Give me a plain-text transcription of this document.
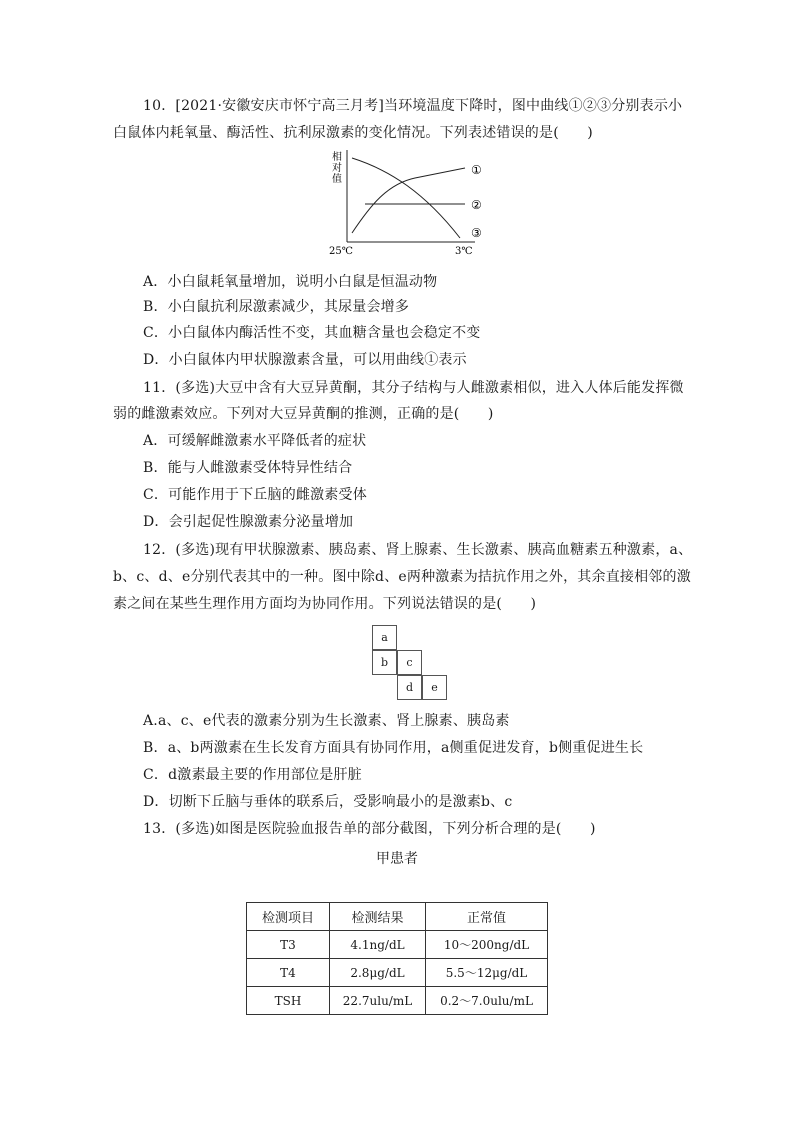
10．[2021·安徽安庆市怀宁高三月考]当环境温度下降时，图中曲线①②③分别表示小
白鼠体内耗氧量、酶活性、抗利尿激素的变化情况。下列表述错误的是(　　)
相
对
值
①
②
③
25℃	3℃
A．小白鼠耗氧量增加，说明小白鼠是恒温动物
B．小白鼠抗利尿激素减少，其尿量会增多
C．小白鼠体内酶活性不变，其血糖含量也会稳定不变
D．小白鼠体内甲状腺激素含量，可以用曲线①表示
11．(多选)大豆中含有大豆异黄酮，其分子结构与人雌激素相似，进入人体后能发挥微
弱的雌激素效应。下列对大豆异黄酮的推测，正确的是(　　)
A．可缓解雌激素水平降低者的症状
B．能与人雌激素受体特异性结合
C．可能作用于下丘脑的雌激素受体
D．会引起促性腺激素分泌量增加
12．(多选)现有甲状腺激素、胰岛素、肾上腺素、生长激素、胰高血糖素五种激素，a、
b、c、d、e分别代表其中的一种。图中除d、e两种激素为拮抗作用之外，其余直接相邻的激
素之间在某些生理作用方面均为协同作用。下列说法错误的是(　　)
a
b	c
d	e
A.a、c、e代表的激素分别为生长激素、肾上腺素、胰岛素
B．a、b两激素在生长发育方面具有协同作用，a侧重促进发育，b侧重促进生长
C．d激素最主要的作用部位是肝脏
D．切断下丘脑与垂体的联系后，受影响最小的是激素b、c
13．(多选)如图是医院验血报告单的部分截图，下列分析合理的是(　　)
甲患者
检测项目	检测结果	正常值
T3	4.1ng/dL	10～200ng/dL
T4	2.8μg/dL	5.5～12μg/dL
TSH	22.7ulu/mL	0.2～7.0ulu/mL
